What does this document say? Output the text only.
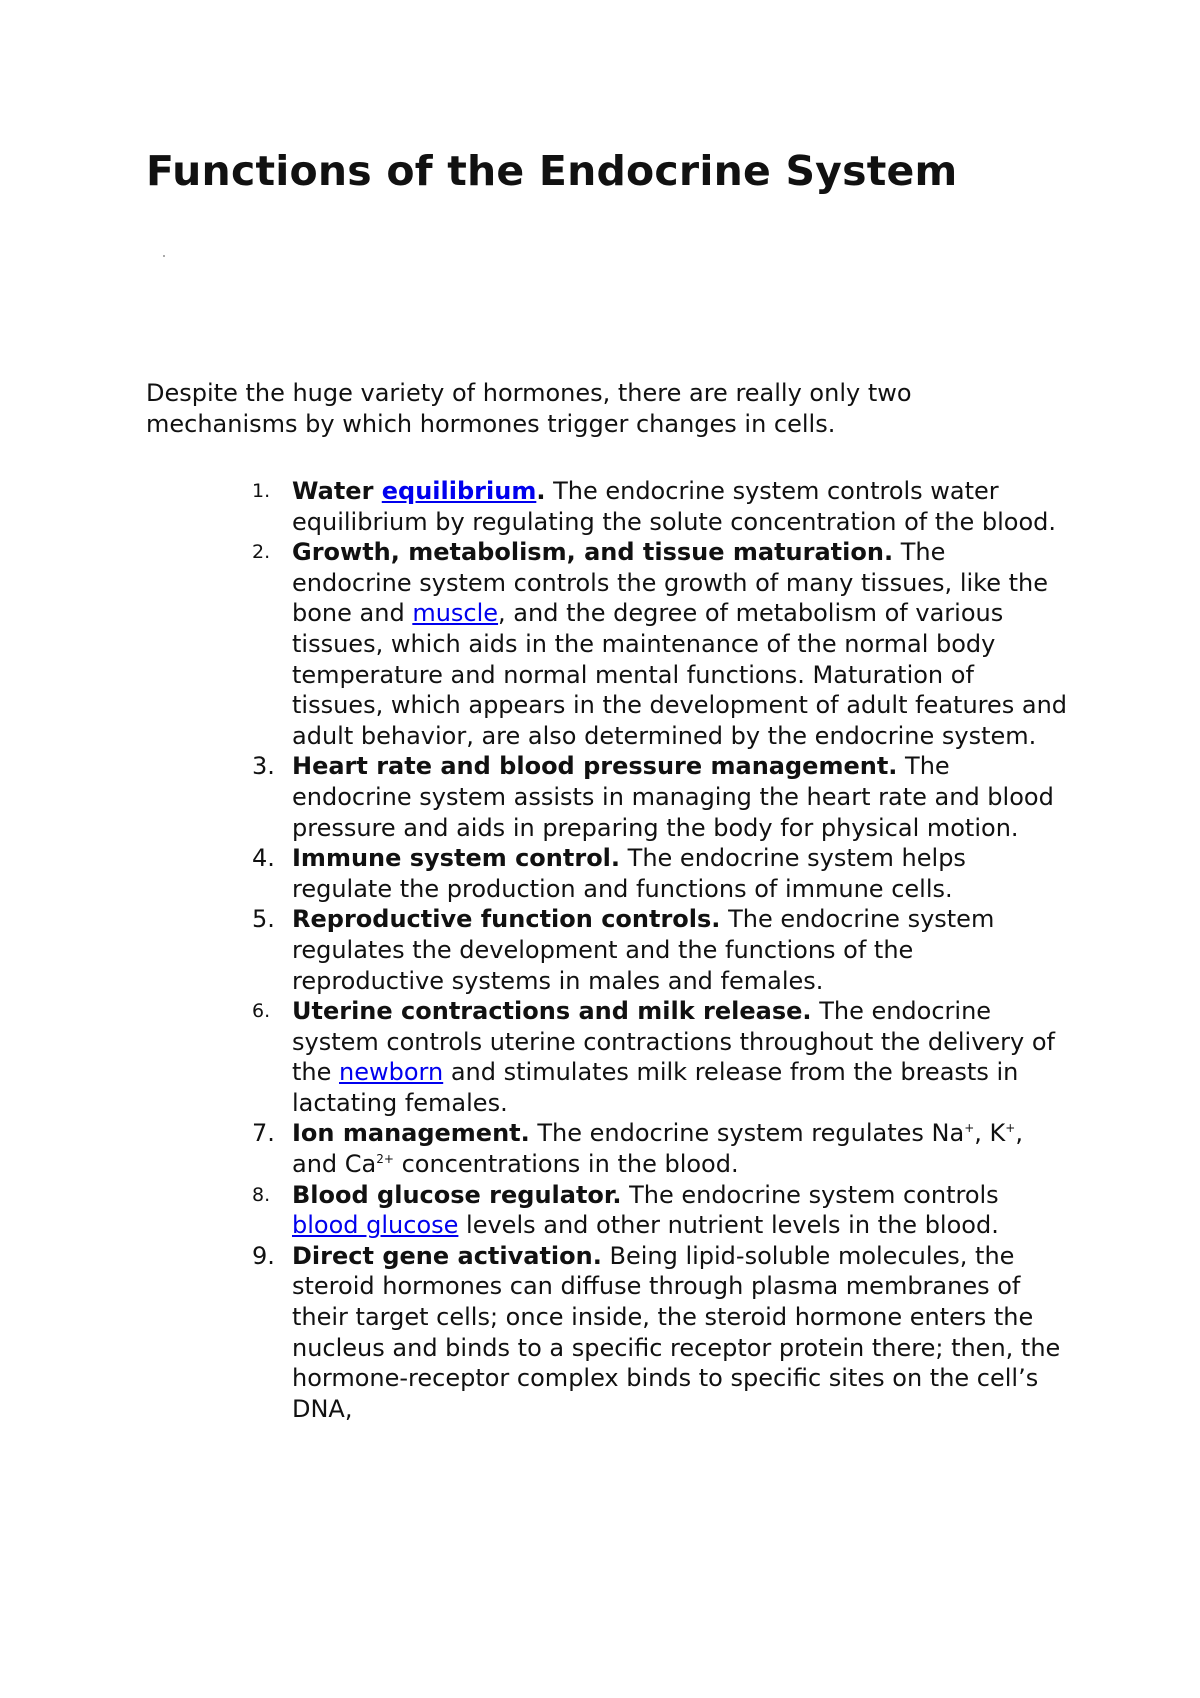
Functions of the Endocrine System

Despite the huge variety of hormones, there are really only two mechanisms by which hormones trigger changes in cells.

1. Water equilibrium. The endocrine system controls water equilibrium by regulating the solute concentration of the blood.
2. Growth, metabolism, and tissue maturation. The endocrine system controls the growth of many tissues, like the bone and muscle, and the degree of metabolism of various tissues, which aids in the maintenance of the normal body temperature and normal mental functions. Maturation of tissues, which appears in the development of adult features and adult behavior, are also determined by the endocrine system.
3. Heart rate and blood pressure management. The endocrine system assists in managing the heart rate and blood pressure and aids in preparing the body for physical motion.
4. Immune system control. The endocrine system helps regulate the production and functions of immune cells.
5. Reproductive function controls. The endocrine system regulates the development and the functions of the reproductive systems in males and females.
6. Uterine contractions and milk release. The endocrine system controls uterine contractions throughout the delivery of the newborn and stimulates milk release from the breasts in lactating females.
7. Ion management. The endocrine system regulates Na+, K+, and $Ca^{2+}$ concentrations in the blood.
8. Blood glucose regulator. The endocrine system controls blood glucose levels and other nutrient levels in the blood.
9. Direct gene activation. Being lipid-soluble molecules, the steroid hormones can diffuse through plasma membranes of their target cells; once inside, the steroid hormone enters the nucleus and binds to a specific receptor protein there; then, the hormone-receptor complex binds to specific sites on the cell’s DNA,
